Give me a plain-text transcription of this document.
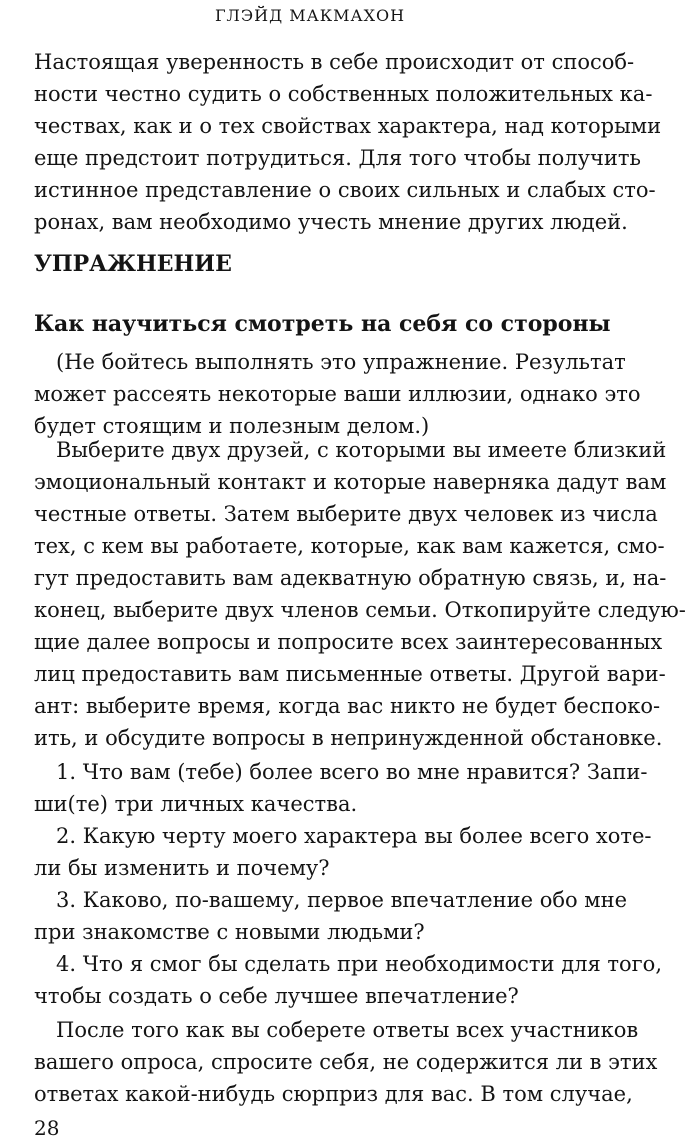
ГЛЭЙД МАКМАХОН
Настоящая уверенность в себе происходит от способ-
ности честно судить о собственных положительных ка-
чествах, как и о тех свойствах характера, над которыми
еще предстоит потрудиться. Для того чтобы получить
истинное представление о своих сильных и слабых сто-
ронах, вам необходимо учесть мнение других людей.
УПРАЖНЕНИЕ
Как научиться смотреть на себя со стороны
(Не бойтесь выполнять это упражнение. Результат
может рассеять некоторые ваши иллюзии, однако это
будет стоящим и полезным делом.)
Выберите двух друзей, с которыми вы имеете близкий
эмоциональный контакт и которые наверняка дадут вам
честные ответы. Затем выберите двух человек из числа
тех, с кем вы работаете, которые, как вам кажется, смо-
гут предоставить вам адекватную обратную связь, и, на-
конец, выберите двух членов семьи. Откопируйте следую-
щие далее вопросы и попросите всех заинтересованных
лиц предоставить вам письменные ответы. Другой вари-
ант: выберите время, когда вас никто не будет беспоко-
ить, и обсудите вопросы в непринужденной обстановке.
1. Что вам (тебе) более всего во мне нравится? Запи-
ши(те) три личных качества.
2. Какую черту моего характера вы более всего хоте-
ли бы изменить и почему?
3. Каково, по-вашему, первое впечатление обо мне
при знакомстве с новыми людьми?
4. Что я смог бы сделать при необходимости для того,
чтобы создать о себе лучшее впечатление?
После того как вы соберете ответы всех участников
вашего опроса, спросите себя, не содержится ли в этих
ответах какой-нибудь сюрприз для вас. В том случае,
28
